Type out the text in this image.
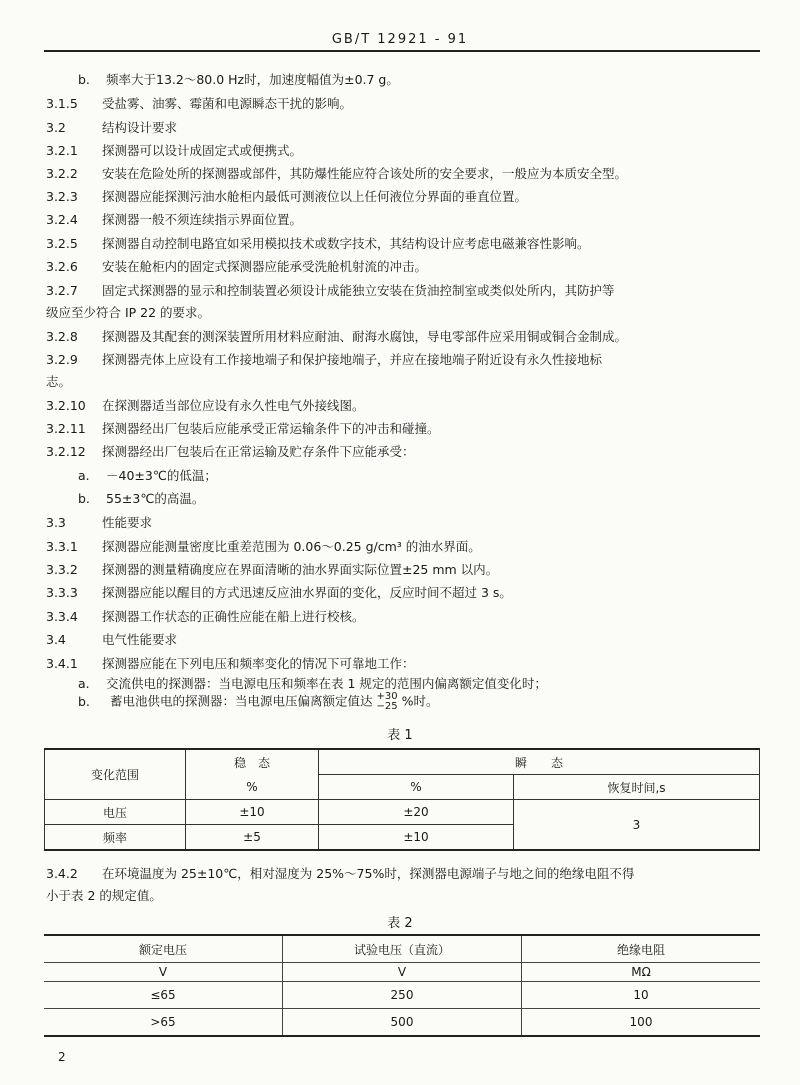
GB/T 12921 - 91
b. 频率大于13.2～80.0 Hz时，加速度幅值为±0.7 g。
3.1.5 受盐雾、油雾、霉菌和电源瞬态干扰的影响。
3.2	结构设计要求
3.2.1 探测器可以设计成固定式或便携式。
3.2.2 安装在危险处所的探测器或部件，其防爆性能应符合该处所的安全要求，一般应为本质安全型。
3.2.3 探测器应能探测污油水舱柜内最低可测液位以上任何液位分界面的垂直位置。
3.2.4 探测器一般不须连续指示界面位置。
3.2.5 探测器自动控制电路宜如采用模拟技术或数字技术，其结构设计应考虑电磁兼容性影响。
3.2.6 安装在舱柜内的固定式探测器应能承受洗舱机射流的冲击。
3.2.7 固定式探测器的显示和控制装置必须设计成能独立安装在货油控制室或类似处所内，其防护等
级应至少符合 IP 22 的要求。
3.2.8 探测器及其配套的测深装置所用材料应耐油、耐海水腐蚀，导电零部件应采用铜或铜合金制成。
3.2.9 探测器壳体上应设有工作接地端子和保护接地端子，并应在接地端子附近设有永久性接地标
志。
3.2.10 在探测器适当部位应设有永久性电气外接线图。
3.2.11 探测器经出厂包装后应能承受正常运输条件下的冲击和碰撞。
3.2.12 探测器经出厂包装后在正常运输及贮存条件下应能承受：
a. －40±3℃的低温；
b. 55±3℃的高温。
3.3	性能要求
3.3.1 探测器应能测量密度比重差范围为 0.06～0.25 g/cm³ 的油水界面。
3.3.2 探测器的测量精确度应在界面清晰的油水界面实际位置±25 mm 以内。
3.3.3 探测器应能以醒目的方式迅速反应油水界面的变化，反应时间不超过 3 s。
3.3.4 探测器工作状态的正确性应能在船上进行校核。
3.4	电气性能要求
3.4.1 探测器应能在下列电压和频率变化的情况下可靠地工作：
a. 交流供电的探测器：当电源电压和频率在表 1 规定的范围内偏离额定值变化时；
b. 蓄电池供电的探测器：当电源电压偏离额定值达 +30
−25 %时。
表 1
变化范围	稳　态	瞬　　态	
	%	%	恢复时间,s
电压	±10	±20	3
频率	±5	±10	
3.4.2 在环境温度为 25±10℃，相对湿度为 25%～75%时，探测器电源端子与地之间的绝缘电阻不得
小于表 2 的规定值。
表 2
额定电压	试验电压（直流）	绝缘电阻
V	V	MΩ
≤65	250	10
>65	500	100
2
